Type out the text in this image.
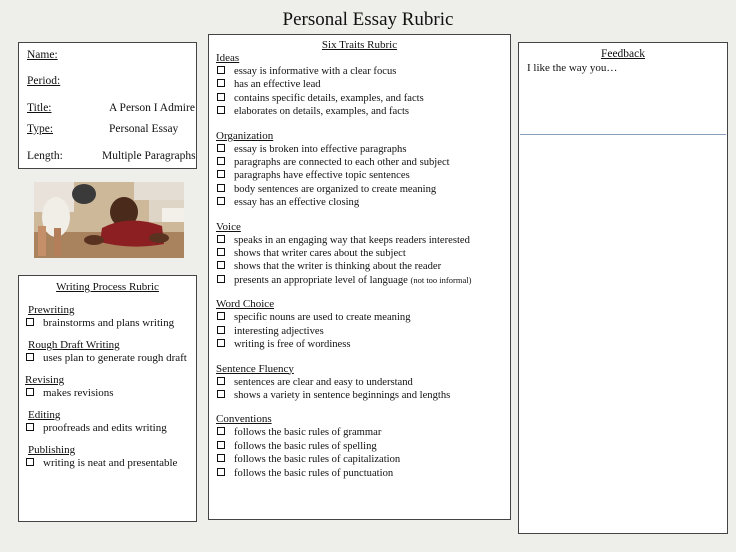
Personal Essay Rubric
Name:
Period:
Title:	A Person I Admire
Type:	Personal Essay
Length:	Multiple Paragraphs
Writing Process Rubric
Prewriting
brainstorms and plans writing
Rough Draft Writing
uses plan to generate rough draft
Revising
makes revisions
Editing
proofreads and edits writing
Publishing
writing is neat and presentable
Six Traits Rubric
Ideas
essay is informative with a clear focus
has an effective lead
contains specific details, examples, and facts
elaborates on details, examples, and facts
Organization
essay is broken into effective paragraphs
paragraphs are connected to each other and subject
paragraphs have effective topic sentences
body sentences are organized to create meaning
essay has an effective closing
Voice
speaks in an engaging way that keeps readers interested
shows that writer cares about the subject
shows that the writer is thinking about the reader
presents an appropriate level of language (not too informal)
Word Choice
specific nouns are used to create meaning
interesting adjectives
writing is free of wordiness
Sentence Fluency
sentences are clear and easy to understand
shows a variety in sentence beginnings and lengths
Conventions
follows the basic rules of grammar
follows the basic rules of spelling
follows the basic rules of capitalization
follows the basic rules of punctuation
Feedback
I like the way you…
